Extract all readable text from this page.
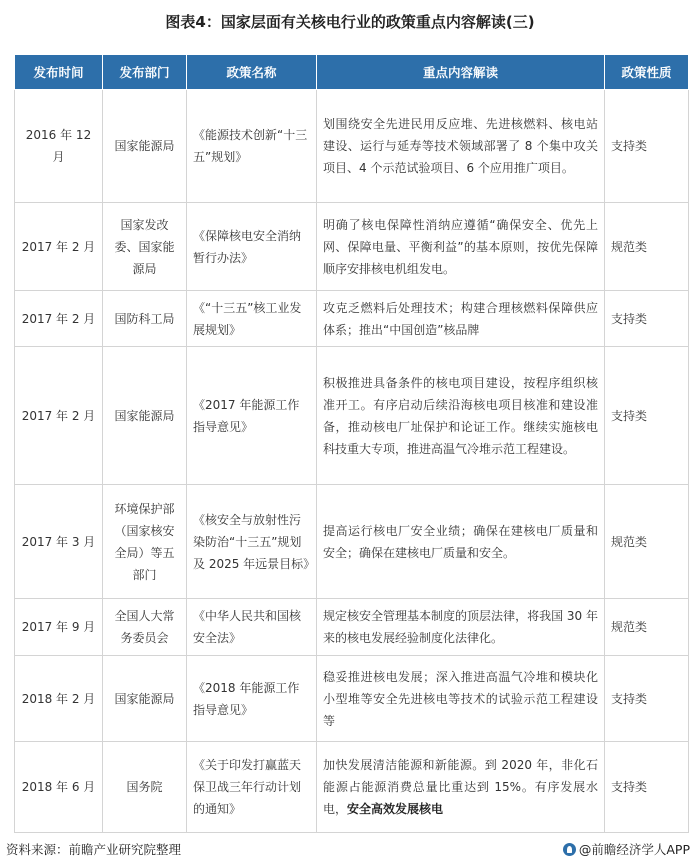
图表4：国家层面有关核电行业的政策重点内容解读(三)
发布时间	发布部门	政策名称	重点内容解读	政策性质
2016 年 12 月	国家能源局	《能源技术创新“十三五”规划》	划围绕安全先进民用反应堆、先进核燃料、核电站建设、运行与延寿等技术领域部署了 8 个集中攻关项目、4 个示范试验项目、6 个应用推广项目。	支持类
2017 年 2 月	国家发改委、国家能源局	《保障核电安全消纳暂行办法》	明确了核电保障性消纳应遵循“确保安全、优先上网、保障电量、平衡利益”的基本原则，按优先保障顺序安排核电机组发电。	规范类
2017 年 2 月	国防科工局	《“十三五”核工业发展规划》	攻克乏燃料后处理技术；构建合理核燃料保障供应体系；推出“中国创造”核品牌	支持类
2017 年 2 月	国家能源局	《2017 年能源工作指导意见》	积极推进具备条件的核电项目建设，按程序组织核准开工。有序启动后续沿海核电项目核准和建设准备，推动核电厂址保护和论证工作。继续实施核电科技重大专项，推进高温气冷堆示范工程建设。	支持类
2017 年 3 月	环境保护部（国家核安全局）等五部门	《核安全与放射性污染防治“十三五”规划及 2025 年远景目标》	提高运行核电厂安全业绩；确保在建核电厂质量和安全；确保在建核电厂质量和安全。	规范类
2017 年 9 月	全国人大常务委员会	《中华人民共和国核安全法》	规定核安全管理基本制度的顶层法律，将我国 30 年来的核电发展经验制度化法律化。	规范类
2018 年 2 月	国家能源局	《2018 年能源工作指导意见》	稳妥推进核电发展；深入推进高温气冷堆和模块化小型堆等安全先进核电等技术的试验示范工程建设等	支持类
2018 年 6 月	国务院	《关于印发打赢蓝天保卫战三年行动计划的通知》	加快发展清洁能源和新能源。到 2020 年，非化石能源占能源消费总量比重达到 15%。有序发展水电，安全高效发展核电	支持类
资料来源：前瞻产业研究院整理	@前瞻经济学人APP
